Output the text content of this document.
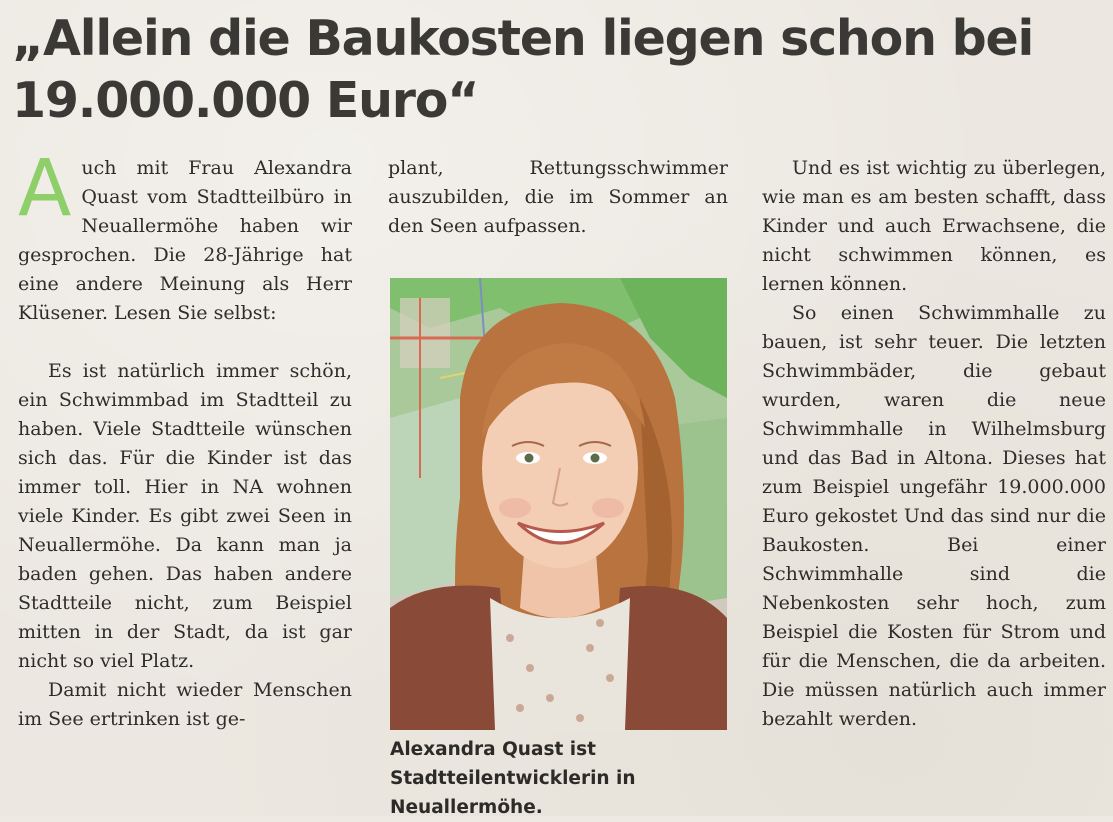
„Allein die Baukosten liegen schon bei 19.000.000 Euro“

Auch mit Frau Alexandra Quast vom Stadtteilbüro in Neuallermöhe haben wir gesprochen. Die 28-Jährige hat eine andere Meinung als Herr Klüsener. Lesen Sie selbst:

Es ist natürlich immer schön, ein Schwimmbad im Stadtteil zu haben. Viele Stadtteile wünschen sich das. Für die Kinder ist das immer toll. Hier in NA wohnen viele Kinder. Es gibt zwei Seen in Neuallermöhe. Da kann man ja baden gehen. Das haben andere Stadtteile nicht, zum Beispiel mitten in der Stadt, da ist gar nicht so viel Platz.

Damit nicht wieder Menschen im See ertrinken ist ge-

plant, Rettungsschwimmer auszubilden, die im Sommer an den Seen aufpassen.

Alexandra Quast ist Stadtteilentwicklerin in Neuallermöhe.

Und es ist wichtig zu überlegen, wie man es am besten schafft, dass Kinder und auch Erwachsene, die nicht schwimmen können, es lernen können.

So einen Schwimmhalle zu bauen, ist sehr teuer. Die letzten Schwimmbäder, die gebaut wurden, waren die neue Schwimmhalle in Wilhelmsburg und das Bad in Altona. Dieses hat zum Beispiel ungefähr 19.000.000 Euro gekostet Und das sind nur die Baukosten. Bei einer Schwimmhalle sind die Nebenkosten sehr hoch, zum Beispiel die Kosten für Strom und für die Menschen, die da arbeiten. Die müssen natürlich auch immer bezahlt werden.
